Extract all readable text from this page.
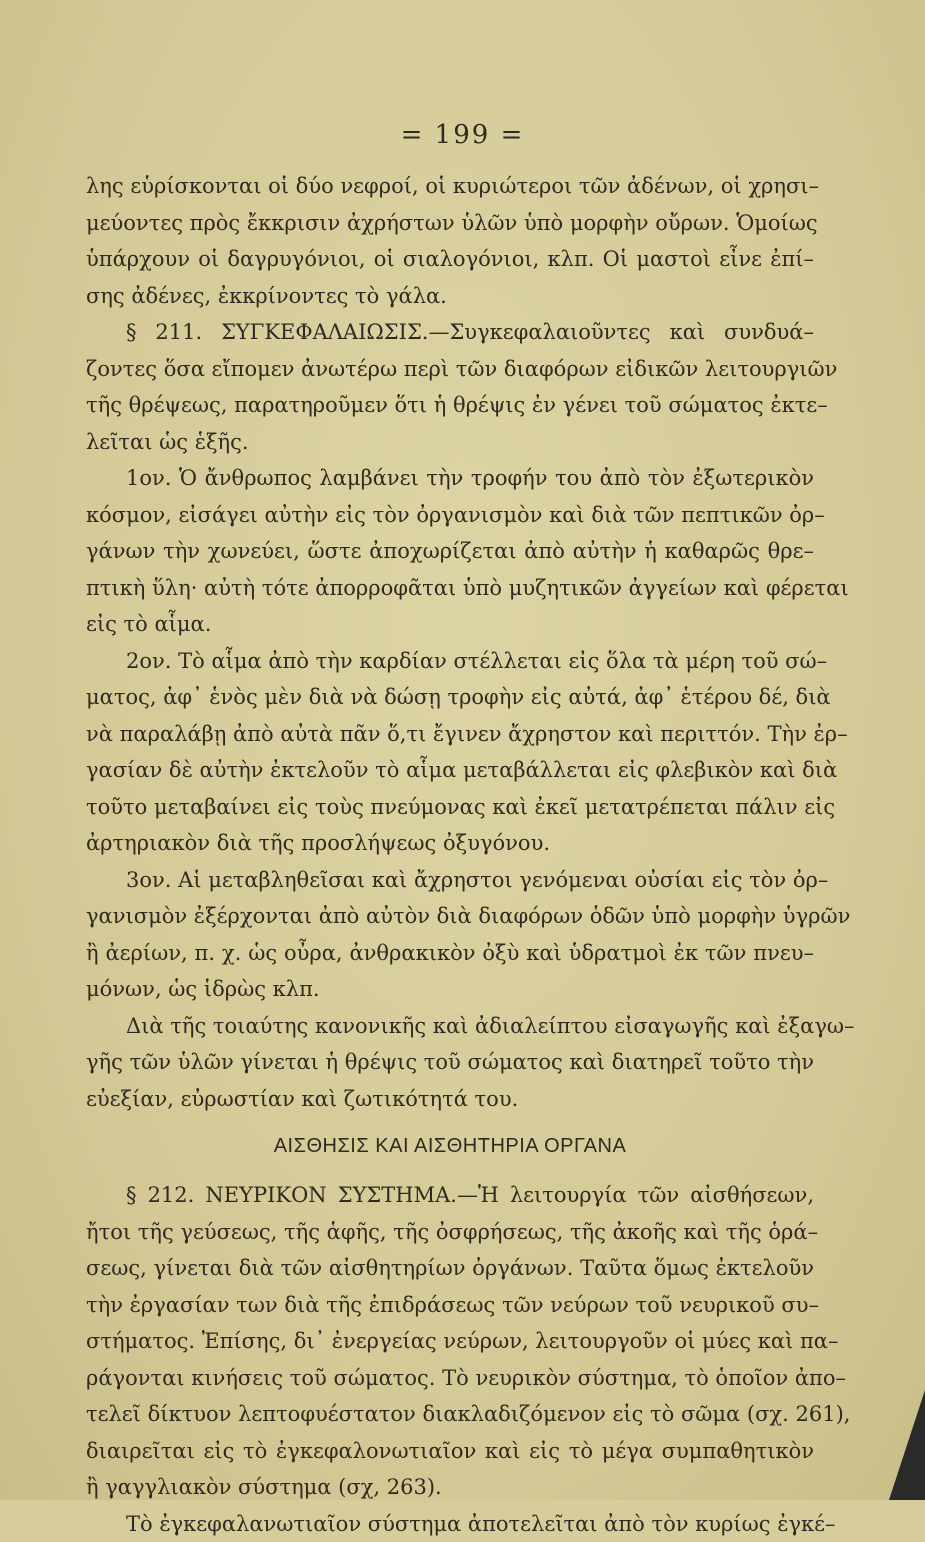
= 199 =
λης εὑρίσκονται οἱ δύο νεφροί, οἱ κυριώτεροι τῶν ἀδένων, οἱ χρησι–
μεύοντες πρὸς ἔκκρισιν ἀχρήστων ὑλῶν ὑπὸ μορφὴν οὔρων. Ὁμοίως
ὑπάρχουν οἱ δαγρυγόνιοι, οἱ σιαλογόνιοι, κλπ. Οἱ μαστοὶ εἶνε ἐπί–
σης ἀδένες, ἐκκρίνοντες τὸ γάλα.
§ 211. ΣΥΓΚΕΦΑΛΑΙΩΣΙΣ.—Συγκεφαλαιοῦντες καὶ συνδυά–
ζοντες ὅσα εἴπομεν ἀνωτέρω περὶ τῶν διαφόρων εἰδικῶν λειτουργιῶν
τῆς θρέψεως, παρατηροῦμεν ὅτι ἡ θρέψις ἐν γένει τοῦ σώματος ἐκτε–
λεῖται ὡς ἑξῆς.
1ον. Ὁ ἄνθρωπος λαμβάνει τὴν τροφήν του ἀπὸ τὸν ἐξωτερικὸν
κόσμον, εἰσάγει αὐτὴν εἰς τὸν ὀργανισμὸν καὶ διὰ τῶν πεπτικῶν ὀρ–
γάνων τὴν χωνεύει, ὥστε ἀποχωρίζεται ἀπὸ αὐτὴν ἡ καθαρῶς θρε–
πτικὴ ὕλη· αὐτὴ τότε ἀπορροφᾶται ὑπὸ μυζητικῶν ἀγγείων καὶ φέρεται
εἰς τὸ αἷμα.
2ον. Τὸ αἷμα ἀπὸ τὴν καρδίαν στέλλεται εἰς ὅλα τὰ μέρη τοῦ σώ–
ματος, ἀφ᾿ ἑνὸς μὲν διὰ νὰ δώσῃ τροφὴν εἰς αὐτά, ἀφ᾿ ἑτέρου δέ, διὰ
νὰ παραλάβῃ ἀπὸ αὐτὰ πᾶν ὅ,τι ἔγινεν ἄχρηστον καὶ περιττόν. Τὴν ἐρ–
γασίαν δὲ αὐτὴν ἐκτελοῦν τὸ αἷμα μεταβάλλεται εἰς φλεβικὸν καὶ διὰ
τοῦτο μεταβαίνει εἰς τοὺς πνεύμονας καὶ ἐκεῖ μετατρέπεται πάλιν εἰς
ἀρτηριακὸν διὰ τῆς προσλήψεως ὀξυγόνου.
3ον. Αἱ μεταβληθεῖσαι καὶ ἄχρηστοι γενόμεναι οὐσίαι εἰς τὸν ὀρ–
γανισμὸν ἐξέρχονται ἀπὸ αὐτὸν διὰ διαφόρων ὁδῶν ὑπὸ μορφὴν ὑγρῶν
ἢ ἀερίων, π. χ. ὡς οὖρα, ἀνθρακικὸν ὀξὺ καὶ ὑδρατμοὶ ἐκ τῶν πνευ–
μόνων, ὡς ἱδρὼς κλπ.
Διὰ τῆς τοιαύτης κανονικῆς καὶ ἀδιαλείπτου εἰσαγωγῆς καὶ ἐξαγω–
γῆς τῶν ὑλῶν γίνεται ἡ θρέψις τοῦ σώματος καὶ διατηρεῖ τοῦτο τὴν
εὐεξίαν, εὐρωστίαν καὶ ζωτικότητά του.
ΑΙΣΘΗΣΙΣ ΚΑΙ ΑΙΣΘΗΤΗΡΙΑ ΟΡΓΑΝΑ
§ 212. ΝΕΥΡΙΚΟΝ ΣΥΣΤΗΜΑ.—Ἡ λειτουργία τῶν αἰσθήσεων,
ἤτοι τῆς γεύσεως, τῆς ἁφῆς, τῆς ὀσφρήσεως, τῆς ἀκοῆς καὶ τῆς ὁρά–
σεως, γίνεται διὰ τῶν αἰσθητηρίων ὀργάνων. Ταῦτα ὅμως ἐκτελοῦν
τὴν ἐργασίαν των διὰ τῆς ἐπιδράσεως τῶν νεύρων τοῦ νευρικοῦ συ–
στήματος. Ἐπίσης, δι᾿ ἐνεργείας νεύρων, λειτουργοῦν οἱ μύες καὶ πα–
ράγονται κινήσεις τοῦ σώματος. Τὸ νευρικὸν σύστημα, τὸ ὁποῖον ἀπο–
τελεῖ δίκτυον λεπτοφυέστατον διακλαδιζόμενον εἰς τὸ σῶμα (σχ. 261),
διαιρεῖται εἰς τὸ ἐγκεφαλονωτιαῖον καὶ εἰς τὸ μέγα συμπαθητικὸν
ἢ γαγγλιακὸν σύστημα (σχ, 263).
Τὸ ἐγκεφαλανωτιαῖον σύστημα ἀποτελεῖται ἀπὸ τὸν κυρίως ἐγκέ–
